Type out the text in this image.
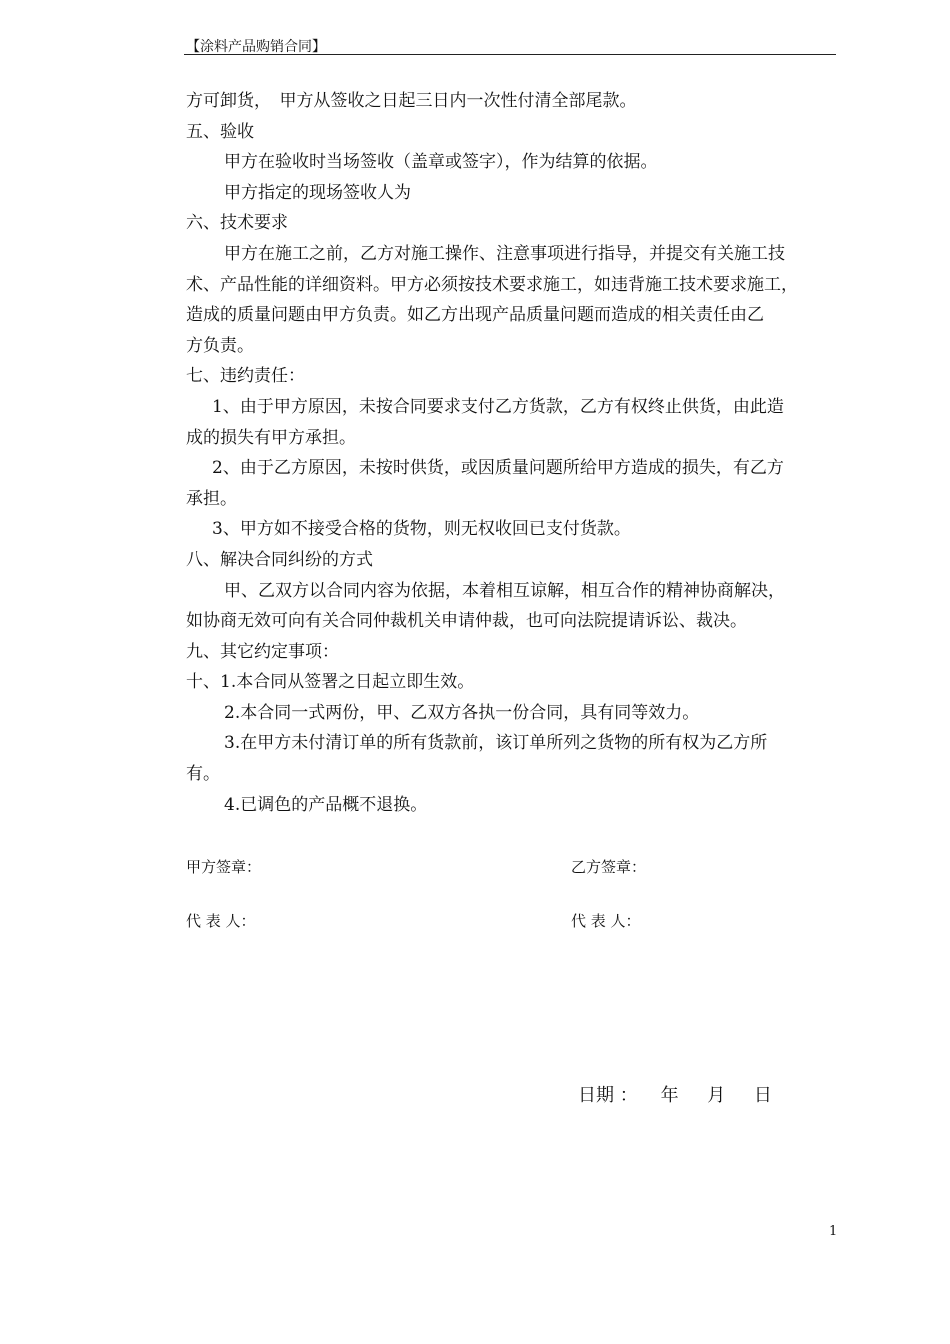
【涂料产品购销合同】
方可卸货，　甲方从签收之日起三日内一次性付清全部尾款。
五、验收
甲方在验收时当场签收（盖章或签字），作为结算的依据。
甲方指定的现场签收人为
六、技术要求
甲方在施工之前，乙方对施工操作、注意事项进行指导，并提交有关施工技
术、产品性能的详细资料。甲方必须按技术要求施工，如违背施工技术要求施工，
造成的质量问题由甲方负责。如乙方出现产品质量问题而造成的相关责任由乙
方负责。
七、违约责任：
1、由于甲方原因，未按合同要求支付乙方货款，乙方有权终止供货，由此造
成的损失有甲方承担。
2、由于乙方原因，未按时供货，或因质量问题所给甲方造成的损失，有乙方
承担。
3、甲方如不接受合格的货物，则无权收回已支付货款。
八、解决合同纠纷的方式
甲、乙双方以合同内容为依据，本着相互谅解，相互合作的精神协商解决，
如协商无效可向有关合同仲裁机关申请仲裁，也可向法院提请诉讼、裁决。
九、其它约定事项：
十、1.本合同从签署之日起立即生效。
2.本合同一式两份，甲、乙双方各执一份合同，具有同等效力。
3.在甲方未付清订单的所有货款前，该订单所列之货物的所有权为乙方所
有。
4.已调色的产品概不退换。
甲方签章：	乙方签章：
代 表 人：	代 表 人：
日期 ：    年     月     日
1
